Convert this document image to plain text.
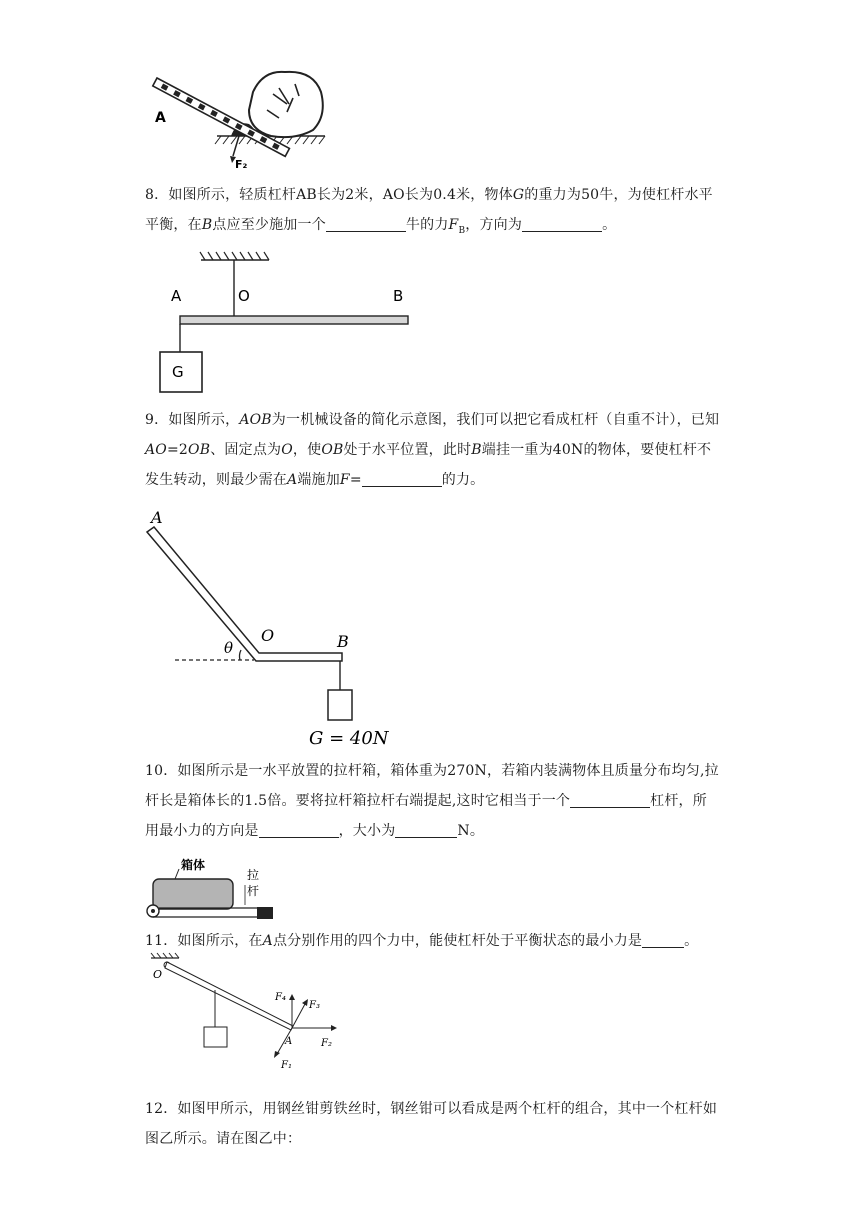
A
F₂

8．如图所示，轻质杠杆AB长为2米，AO长为0.4米，物体G的重力为50牛，为使杠杆水平平衡，在B点应至少施加一个	牛的力$F_B$，方向为	。

A	O	B
G

9．如图所示，AOB为一机械设备的简化示意图，我们可以把它看成杠杆（自重不计），已知AO=2OB、固定点为O，使OB处于水平位置，此时B端挂一重为40N的物体，要使杠杆不发生转动，则最少需在A端施加F=	的力。

A
θ
O	B
G = 40N

10．如图所示是一水平放置的拉杆箱，箱体重为270N，若箱内装满物体且质量分布均匀,拉杆长是箱体长的1.5倍。要将拉杆箱拉杆右端提起,这时它相当于一个	杠杆，所用最小力的方向是	，大小为	N。

箱体
拉
杆

11．如图所示，在A点分别作用的四个力中，能使杠杆处于平衡状态的最小力是	。

O
A
F₁
F₂
F₃
F₄

12．如图甲所示，用钢丝钳剪铁丝时，钢丝钳可以看成是两个杠杆的组合，其中一个杠杆如图乙所示。请在图乙中：
